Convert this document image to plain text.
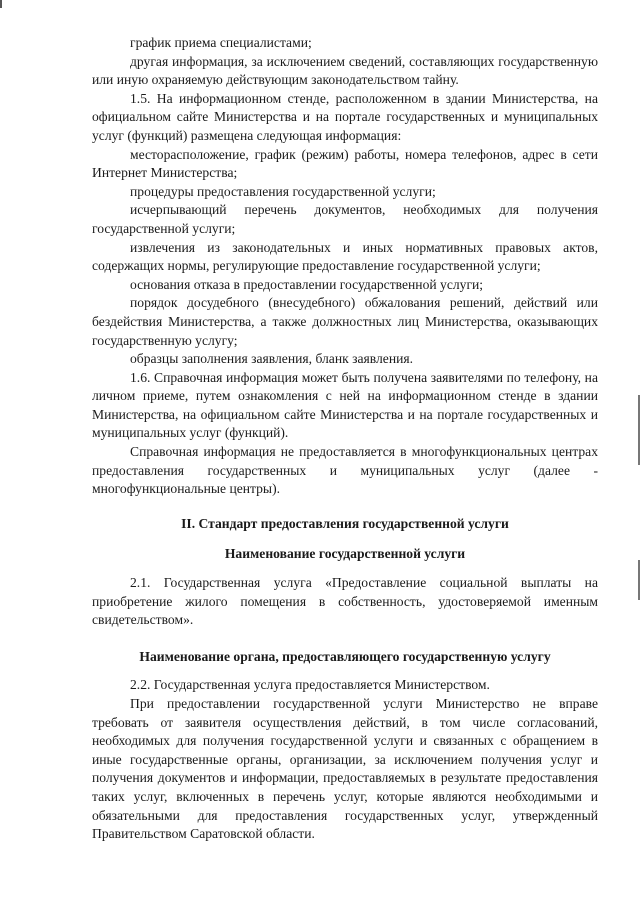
график приема специалистами;

другая информация, за исключением сведений, составляющих государственную или иную охраняемую действующим законодательством тайну.

1.5. На информационном стенде, расположенном в здании Министерства, на официальном сайте Министерства и на портале государственных и муниципальных услуг (функций) размещена следующая информация:

месторасположение, график (режим) работы, номера телефонов, адрес в сети Интернет Министерства;

процедуры предоставления государственной услуги;

исчерпывающий перечень документов, необходимых для получения государственной услуги;

извлечения из законодательных и иных нормативных правовых актов, содержащих нормы, регулирующие предоставление государственной услуги;

основания отказа в предоставлении государственной услуги;

порядок досудебного (внесудебного) обжалования решений, действий или бездействия Министерства, а также должностных лиц Министерства, оказывающих государственную услугу;

образцы заполнения заявления, бланк заявления.

1.6. Справочная информация может быть получена заявителями по телефону, на личном приеме, путем ознакомления с ней на информационном стенде в здании Министерства, на официальном сайте Министерства и на портале государственных и муниципальных услуг (функций).

Справочная информация не предоставляется в многофункциональных центрах предоставления государственных и муниципальных услуг (далее - многофункциональные центры).

II. Стандарт предоставления государственной услуги

Наименование государственной услуги

2.1. Государственная услуга «Предоставление социальной выплаты на приобретение жилого помещения в собственность, удостоверяемой именным свидетельством».

Наименование органа, предоставляющего государственную услугу

2.2. Государственная услуга предоставляется Министерством.

При предоставлении государственной услуги Министерство не вправе требовать от заявителя осуществления действий, в том числе согласований, необходимых для получения государственной услуги и связанных с обращением в иные государственные органы, организации, за исключением получения услуг и получения документов и информации, предоставляемых в результате предоставления таких услуг, включенных в перечень услуг, которые являются необходимыми и обязательными для предоставления государственных услуг, утвержденный Правительством Саратовской области.
